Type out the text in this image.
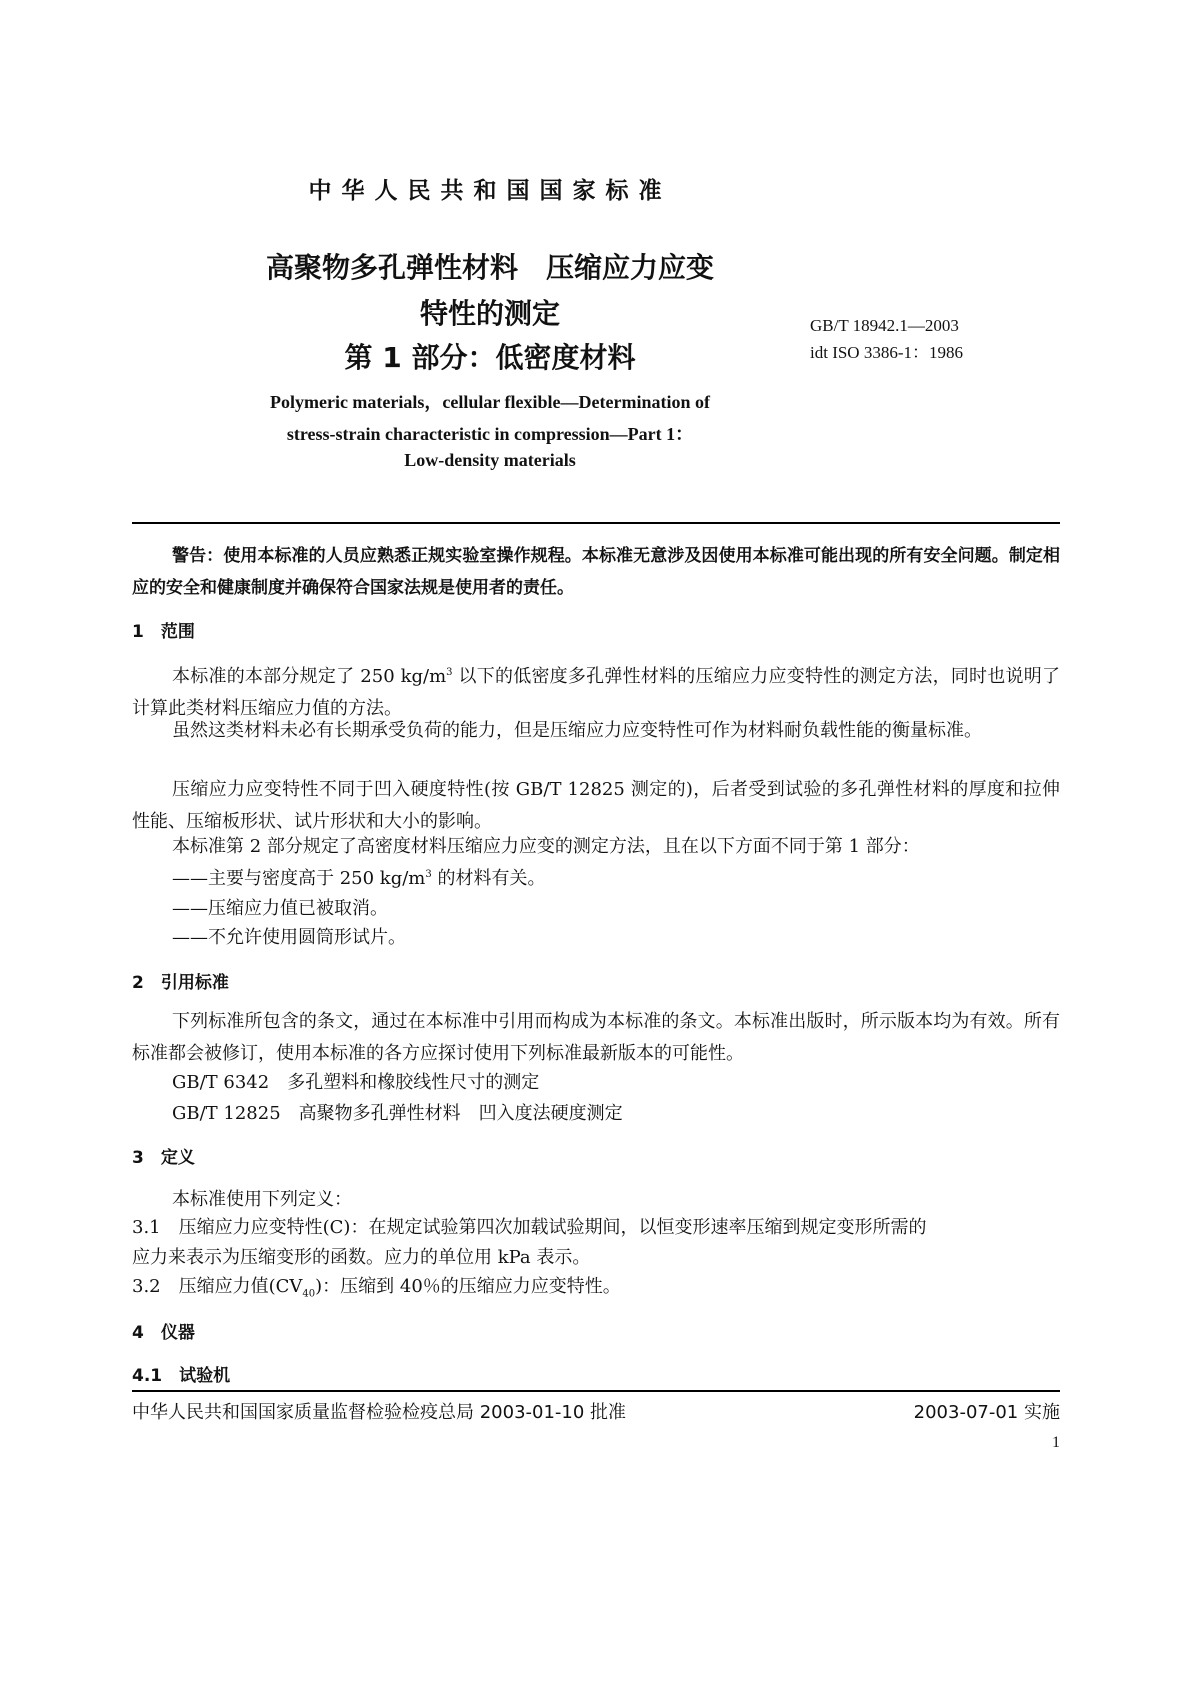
中华人民共和国国家标准

高聚物多孔弹性材料　压缩应力应变

特性的测定

第 1 部分：低密度材料

GB/T 18942.1—2003

idt ISO 3386-1：1986

Polymeric materials，cellular flexible—Determination of

stress-strain characteristic in compression—Part 1：

Low-density materials

警告：使用本标准的人员应熟悉正规实验室操作规程。本标准无意涉及因使用本标准可能出现的所有安全问题。制定相应的安全和健康制度并确保符合国家法规是使用者的责任。

1　范围

本标准的本部分规定了 250 $kg/m^3$ 以下的低密度多孔弹性材料的压缩应力应变特性的测定方法，同时也说明了计算此类材料压缩应力值的方法。

虽然这类材料未必有长期承受负荷的能力，但是压缩应力应变特性可作为材料耐负载性能的衡量标准。

压缩应力应变特性不同于凹入硬度特性(按 GB/T 12825 测定的)，后者受到试验的多孔弹性材料的厚度和拉伸性能、压缩板形状、试片形状和大小的影响。

本标准第 2 部分规定了高密度材料压缩应力应变的测定方法，且在以下方面不同于第 1 部分：

——主要与密度高于 250 $kg/m^3$ 的材料有关。

——压缩应力值已被取消。

——不允许使用圆筒形试片。

2　引用标准

下列标准所包含的条文，通过在本标准中引用而构成为本标准的条文。本标准出版时，所示版本均为有效。所有标准都会被修订，使用本标准的各方应探讨使用下列标准最新版本的可能性。

GB/T 6342　多孔塑料和橡胶线性尺寸的测定

GB/T 12825　高聚物多孔弹性材料　凹入度法硬度测定

3　定义

本标准使用下列定义：

3.1　压缩应力应变特性(C)：在规定试验第四次加载试验期间，以恒变形速率压缩到规定变形所需的

应力来表示为压缩变形的函数。应力的单位用 kPa 表示。

3.2　压缩应力值$(CV_{40})$：压缩到 40％的压缩应力应变特性。

4　仪器

4.1　试验机

中华人民共和国国家质量监督检验检疫总局 2003-01-10 批准	2003-07-01 实施

1
